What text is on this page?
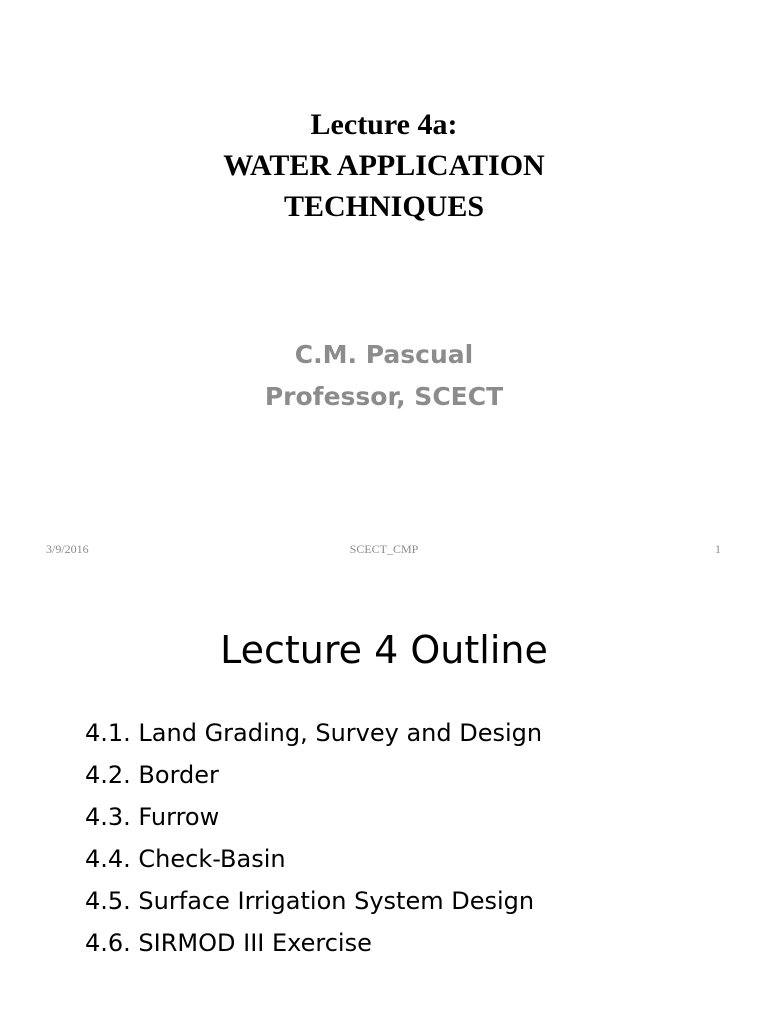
Lecture 4a:
WATER APPLICATION
TECHNIQUES
C.M. Pascual
Professor, SCECT
3/9/2016	SCECT_CMP	1
Lecture 4 Outline
4.1. Land Grading, Survey and Design
4.2. Border
4.3. Furrow
4.4. Check-Basin
4.5. Surface Irrigation System Design
4.6. SIRMOD III Exercise
